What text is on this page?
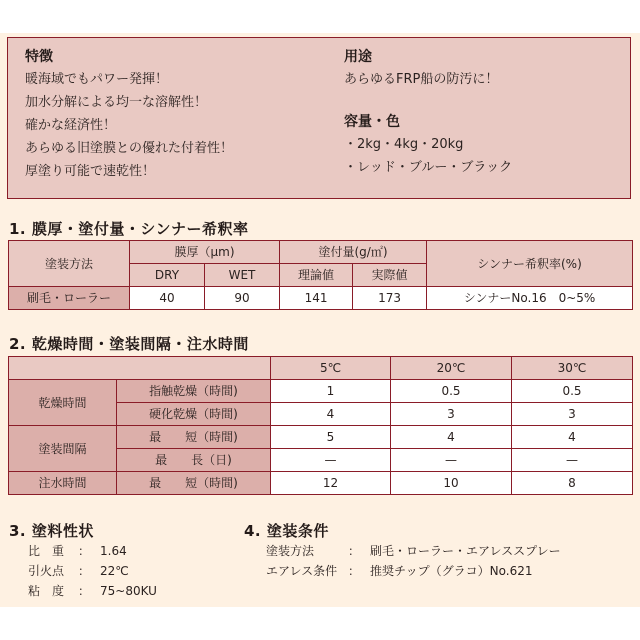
特徴
暖海域でもパワー発揮！
加水分解による均一な溶解性！
確かな経済性！
あらゆる旧塗膜との優れた付着性！
厚塗り可能で速乾性！
用途
あらゆるFRP船の防汚に！
容量・色
・2kg・4kg・20kg
・レッド・ブルー・ブラック
1. 膜厚・塗付量・シンナー希釈率
塗装方法	膜厚（μm)		塗付量(g/㎡)		シンナー希釈率(%)
	DRY	WET	理論値	実際値	
刷毛・ローラー	40	90	141	173	シンナーNo.16　0~5%
2. 乾燥時間・塗装間隔・注水時間
		5℃	20℃	30℃
乾燥時間	指触乾燥（時間)	1	0.5	0.5
	硬化乾燥（時間)	4	3	3
塗装間隔	最　　短（時間)	5	4	4
	最　　長（日)	—	—	—
注水時間	最　　短（時間)	12	10	8
3. 塗料性状
比　重 ： 1.64
引火点 ： 22℃
粘　度 ： 75~80KU
4. 塗装条件
塗装方法	： 刷毛・ローラー・エアレススプレー
エアレス条件 ： 推奨チップ（グラコ）No.621
